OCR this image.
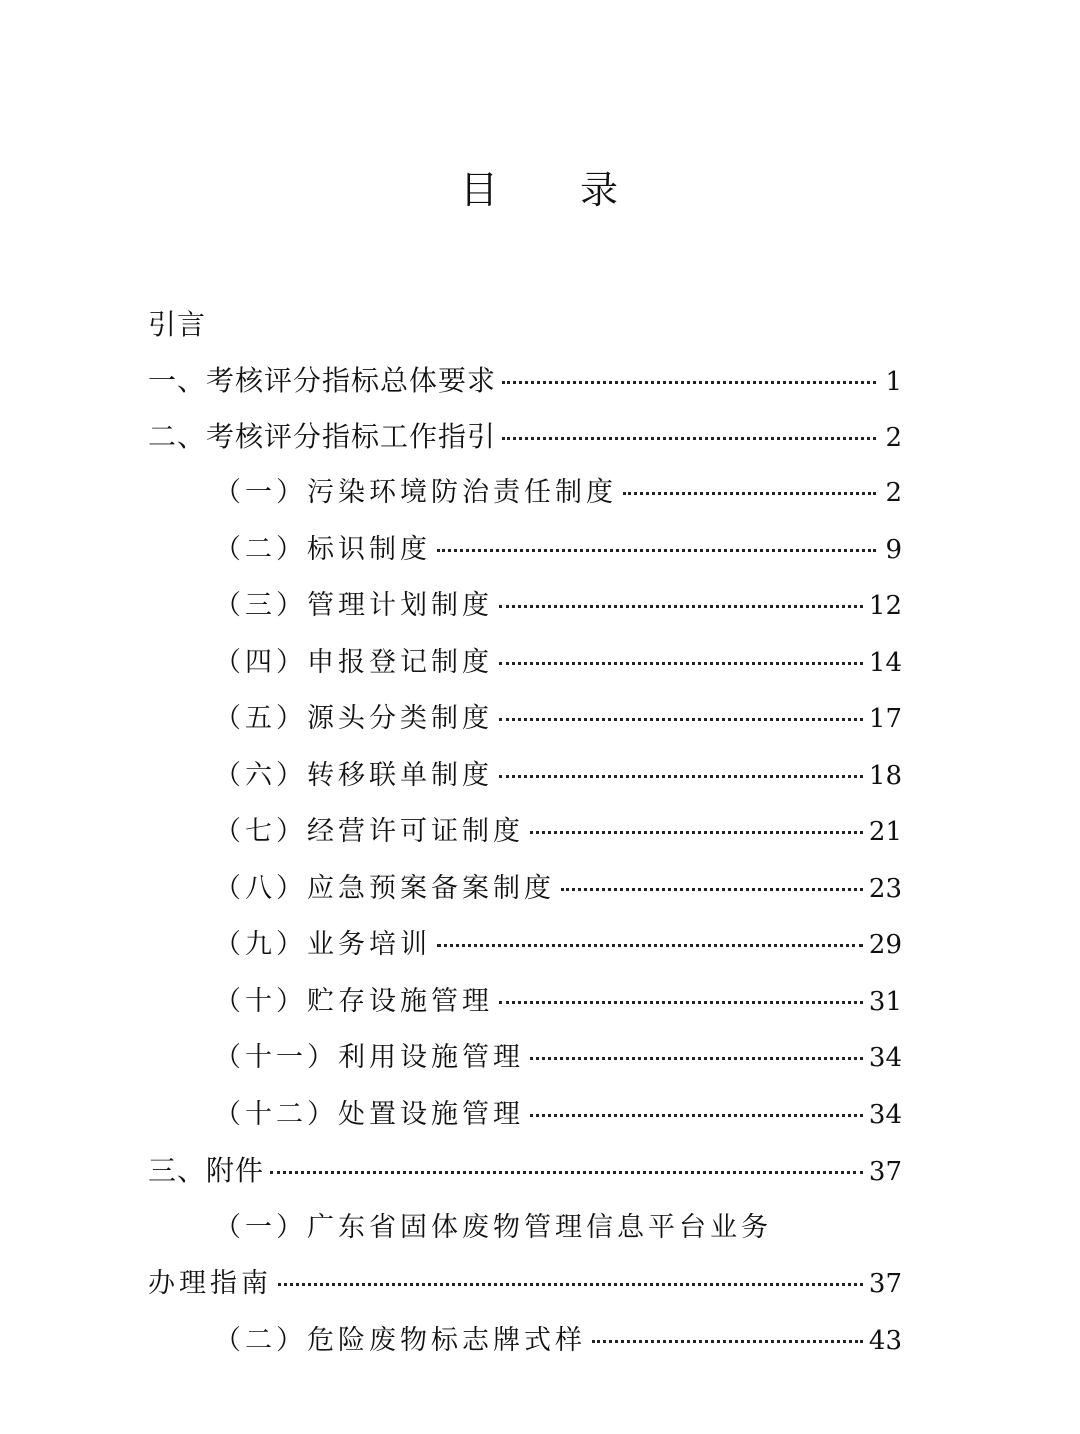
目 录
引言
一、考核评分指标总体要求	1
二、考核评分指标工作指引	2
（一）污染环境防治责任制度	2
（二）标识制度	9
（三）管理计划制度	12
（四）申报登记制度	14
（五）源头分类制度	17
（六）转移联单制度	18
（七）经营许可证制度	21
（八）应急预案备案制度	23
（九）业务培训	29
（十）贮存设施管理	31
（十一）利用设施管理	34
（十二）处置设施管理	34
三、附件	37
（一）广东省固体废物管理信息平台业务
办理指南	37
（二）危险废物标志牌式样	43
